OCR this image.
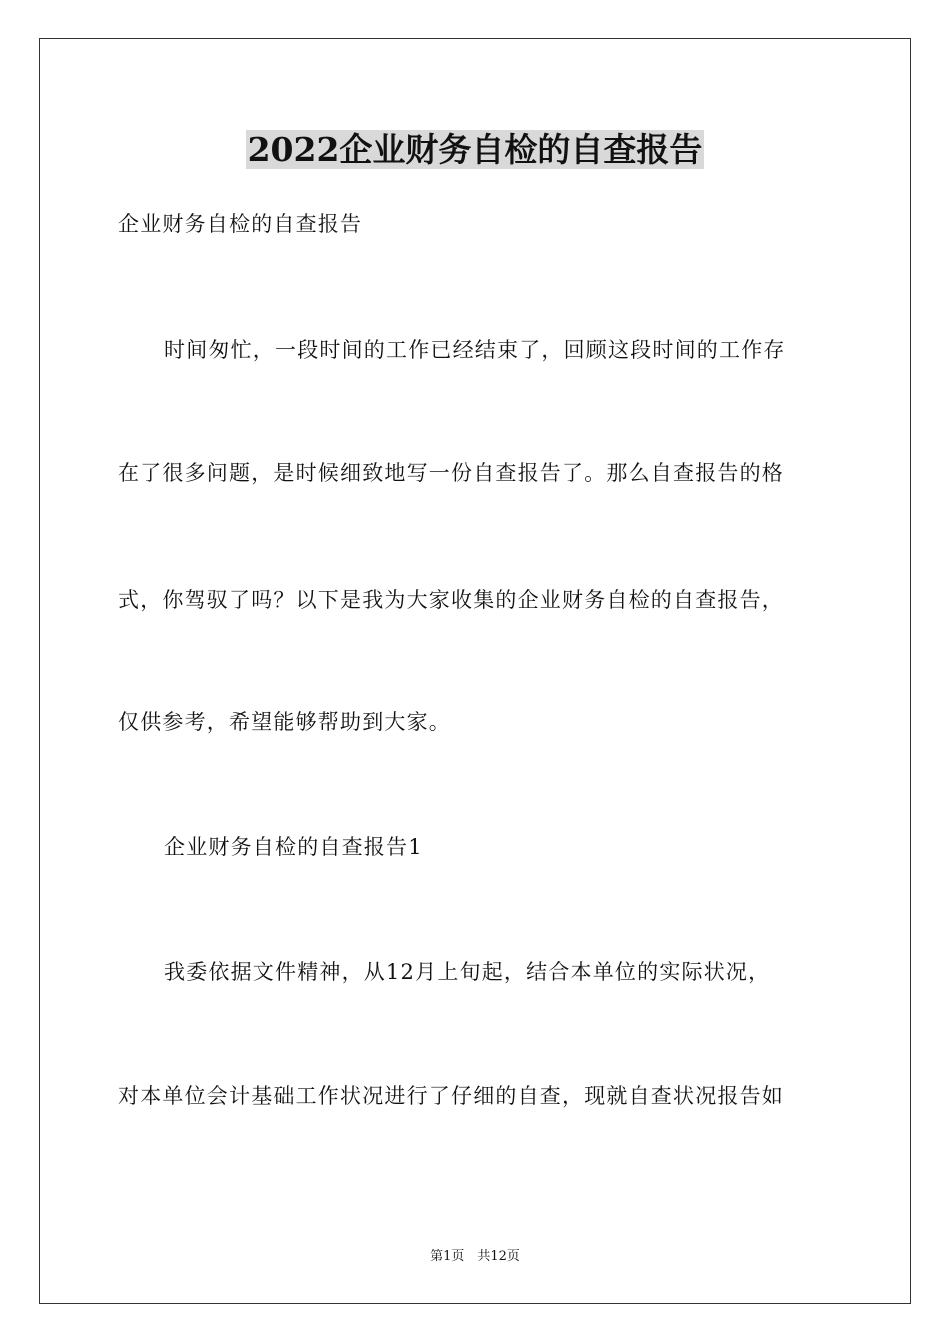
2022企业财务自检的自查报告
企业财务自检的自查报告
时间匆忙，一段时间的工作已经结束了，回顾这段时间的工作存
在了很多问题，是时候细致地写一份自查报告了。那么自查报告的格
式，你驾驭了吗？以下是我为大家收集的企业财务自检的自查报告，
仅供参考，希望能够帮助到大家。
企业财务自检的自查报告1
我委依据文件精神，从12月上旬起，结合本单位的实际状况，
对本单位会计基础工作状况进行了仔细的自查，现就自查状况报告如
第1页　共12页
